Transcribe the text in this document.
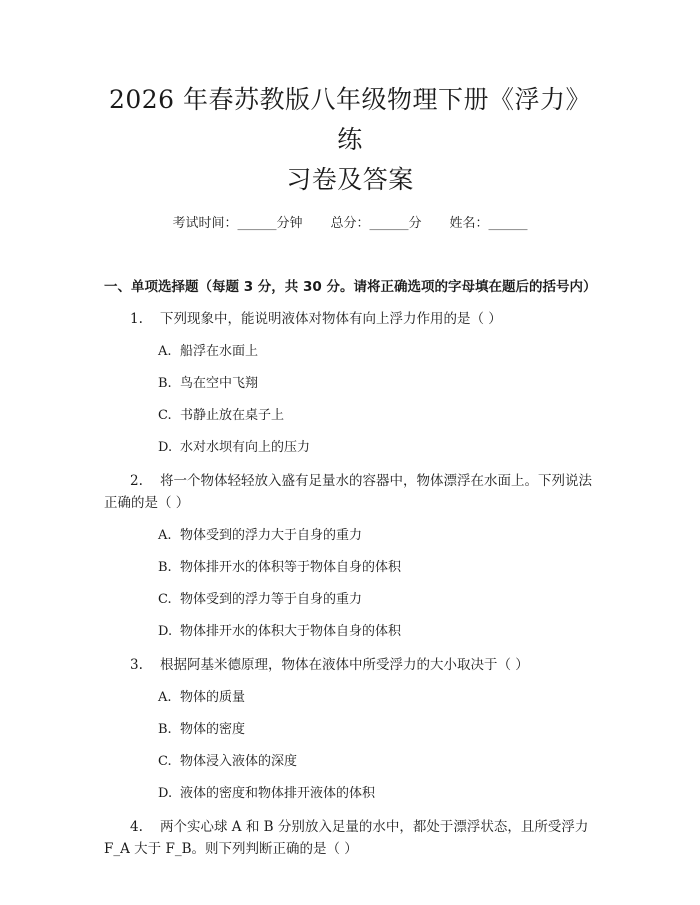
2026 年春苏教版八年级物理下册《浮力》练
习卷及答案
考试时间：______分钟 总分：______分 姓名：______
一、单项选择题（每题 3 分，共 30 分。请将正确选项的字母填在题后的括号内）

1. 下列现象中，能说明液体对物体有向上浮力作用的是（ ）

A. 船浮在水面上

B. 鸟在空中飞翔

C. 书静止放在桌子上

D. 水对水坝有向上的压力

2. 将一个物体轻轻放入盛有足量水的容器中，物体漂浮在水面上。下列说法正确的是（ ）

A. 物体受到的浮力大于自身的重力

B. 物体排开水的体积等于物体自身的体积

C. 物体受到的浮力等于自身的重力

D. 物体排开水的体积大于物体自身的体积

3. 根据阿基米德原理，物体在液体中所受浮力的大小取决于（ ）

A. 物体的质量

B. 物体的密度

C. 物体浸入液体的深度

D. 液体的密度和物体排开液体的体积

4. 两个实心球 A 和 B 分别放入足量的水中，都处于漂浮状态，且所受浮力 F_A 大于 F_B。则下列判断正确的是（ ）
